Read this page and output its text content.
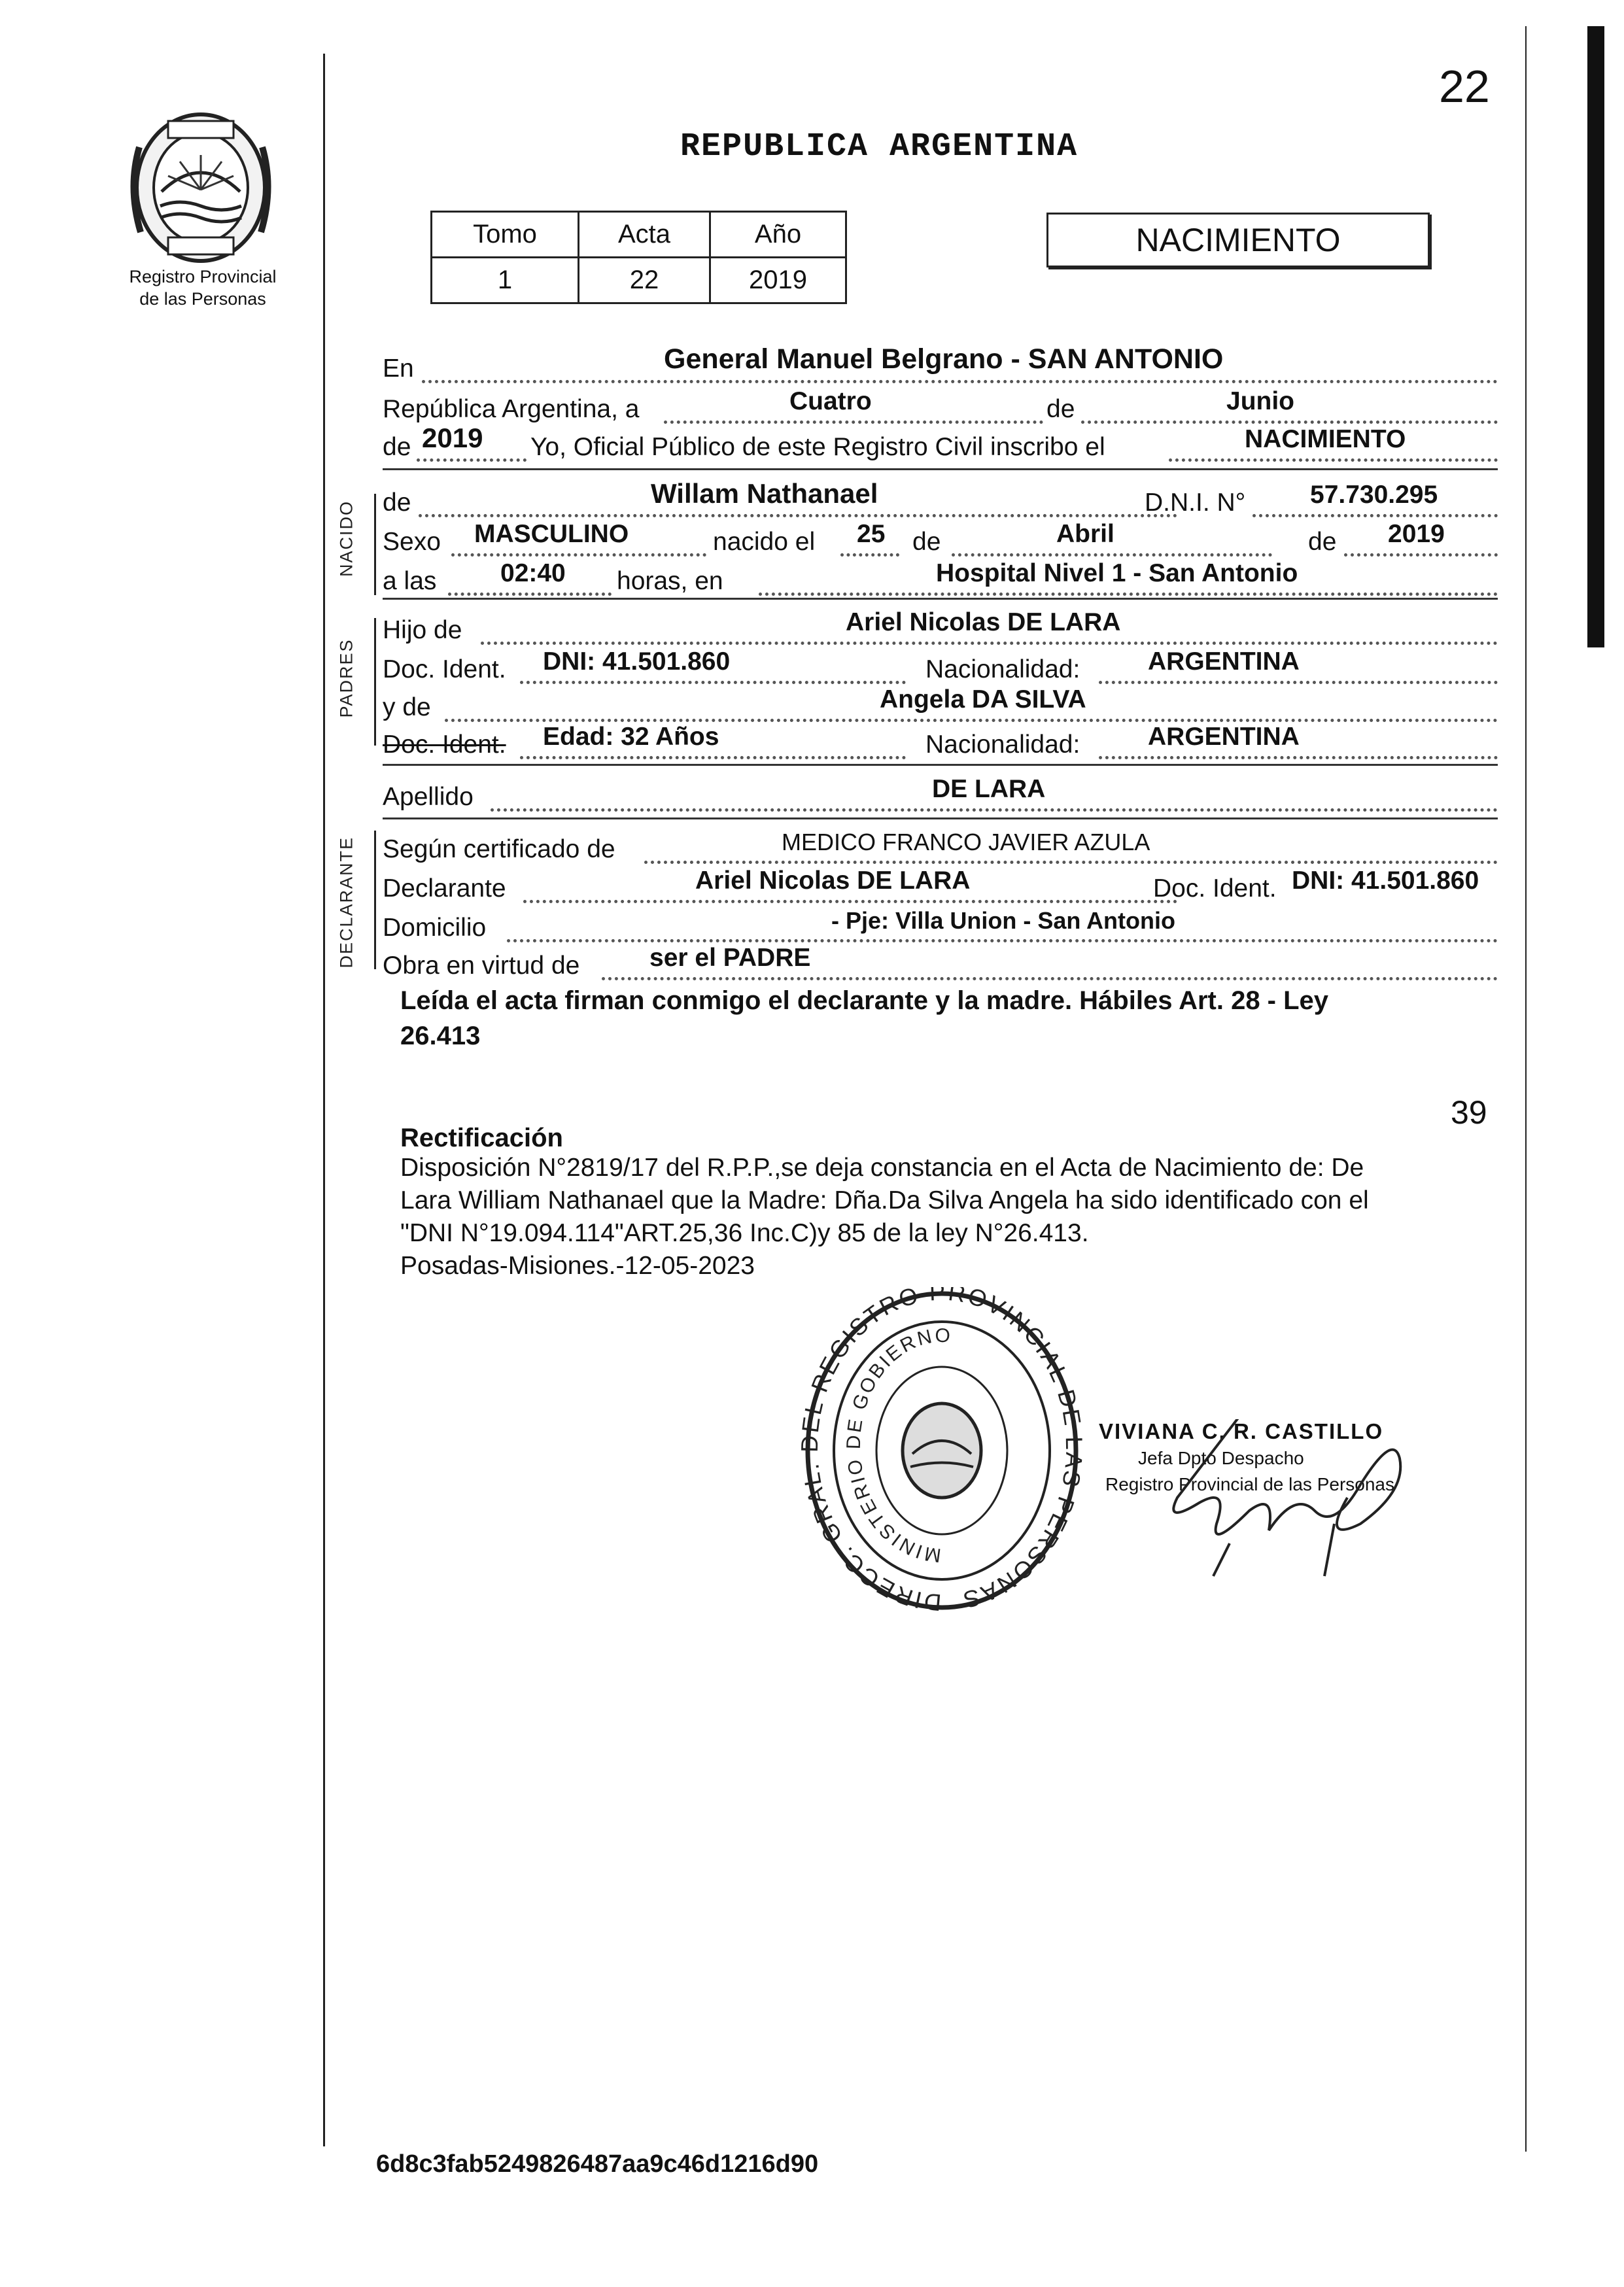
Registro Provincial
de las Personas
22
REPUBLICA ARGENTINA
Tomo	Acta	Año
1	22	2019
NACIMIENTO
En	General Manuel Belgrano - SAN ANTONIO
República Argentina, a	Cuatro	de	Junio
de 2019 Yo, Oficial Público de este Registro Civil inscribo el	NACIMIENTO
NACIDO de	Willam Nathanael	D.N.I. N°	57.730.295
Sexo MASCULINO	nacido el 25 de	Abril	de 2019
a las	02:40 horas, en	Hospital Nivel 1 - San Antonio
PADRES
Hijo de	Ariel Nicolas DE LARA
Doc. Ident. DNI: 41.501.860	Nacionalidad:	ARGENTINA
y de	Angela DA SILVA
Doc. Ident. Edad: 32 Años	Nacionalidad:	ARGENTINA
Apellido	DE LARA
DECLARANTE Según certificado de	MEDICO FRANCO JAVIER AZULA
Declarante	Ariel Nicolas DE LARA	Doc. Ident. DNI: 41.501.860
Domicilio	- Pje: Villa Union - San Antonio
Obra en virtud de	ser el PADRE
Leída el acta firman conmigo el declarante y la madre. Hábiles Art. 28 - Ley
26.413
39
Rectificación
Disposición N°2819/17 del R.P.P.,se deja constancia en el Acta de Nacimiento de: De
Lara William Nathanael que la Madre: Dña.Da Silva Angela ha sido identificado con el
"DNI N°19.094.114"ART.25,36 Inc.C)y 85 de la ley N°26.413.
Posadas-Misiones.-12-05-2023
DIRECC. GRAL. DEL REGISTRO PROVINCIAL DE LAS PERSONAS
MINISTERIO DE GOBIERNO
VIVIANA C. R. CASTILLO
Jefa Dpto Despacho
Registro Provincial de las Personas
6d8c3fab5249826487aa9c46d1216d90
